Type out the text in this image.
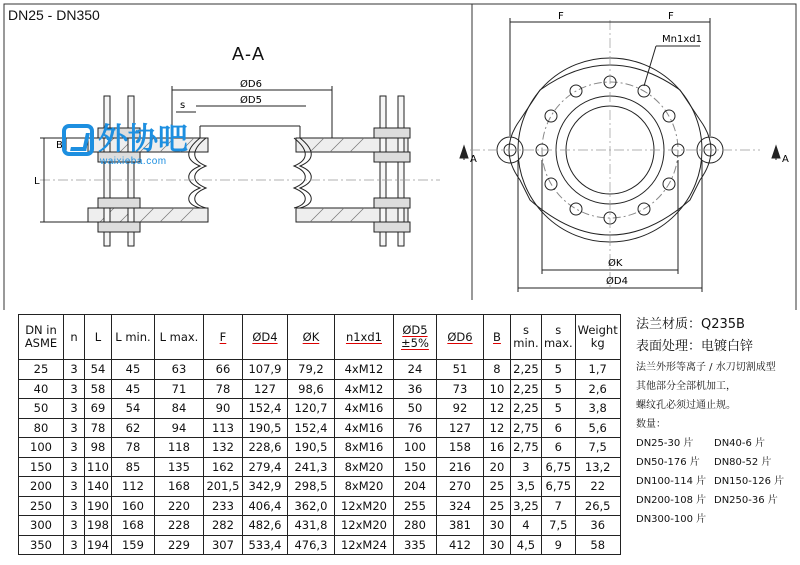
DN25 - DN350
A-A
ØD6
ØD5
s
L
B
F	F
Mn1xd1
ØK
ØD4
A	A
外协吧
waixieba.com
DN in ASME	n	L	L min.	L max.	F	ØD4	ØK	n1xd1	ØD5 ±5%	ØD6	B	s min.	s max.	Weight kg
25	3	54	45	63	66	107,9	79,2	4xM12	24	51	8	2,25	5	1,7
40	3	58	45	71	78	127	98,6	4xM12	36	73	10	2,25	5	2,6
50	3	69	54	84	90	152,4	120,7	4xM16	50	92	12	2,25	5	3,8
80	3	78	62	94	113	190,5	152,4	4xM16	76	127	12	2,75	6	5,6
100	3	98	78	118	132	228,6	190,5	8xM16	100	158	16	2,75	6	7,5
150	3	110	85	135	162	279,4	241,3	8xM20	150	216	20	3	6,75	13,2
200	3	140	112	168	201,5	342,9	298,5	8xM20	204	270	25	3,5	6,75	22
250	3	190	160	220	233	406,4	362,0	12xM20	255	324	25	3,25	7	26,5
300	3	198	168	228	282	482,6	431,8	12xM20	280	381	30	4	7,5	36
350	3	194	159	229	307	533,4	476,3	12xM24	335	412	30	4,5	9	58
法兰材质：Q235B
表面处理：电镀白锌
法兰外形等离子 / 水刀切割成型
其他部分全部机加工，
螺纹孔必须过通止规。
数量：
DN25-30 片	DN40-6 片
DN50-176 片	DN80-52 片
DN100-114 片 DN150-126 片
DN200-108 片 DN250-36 片
DN300-100 片
